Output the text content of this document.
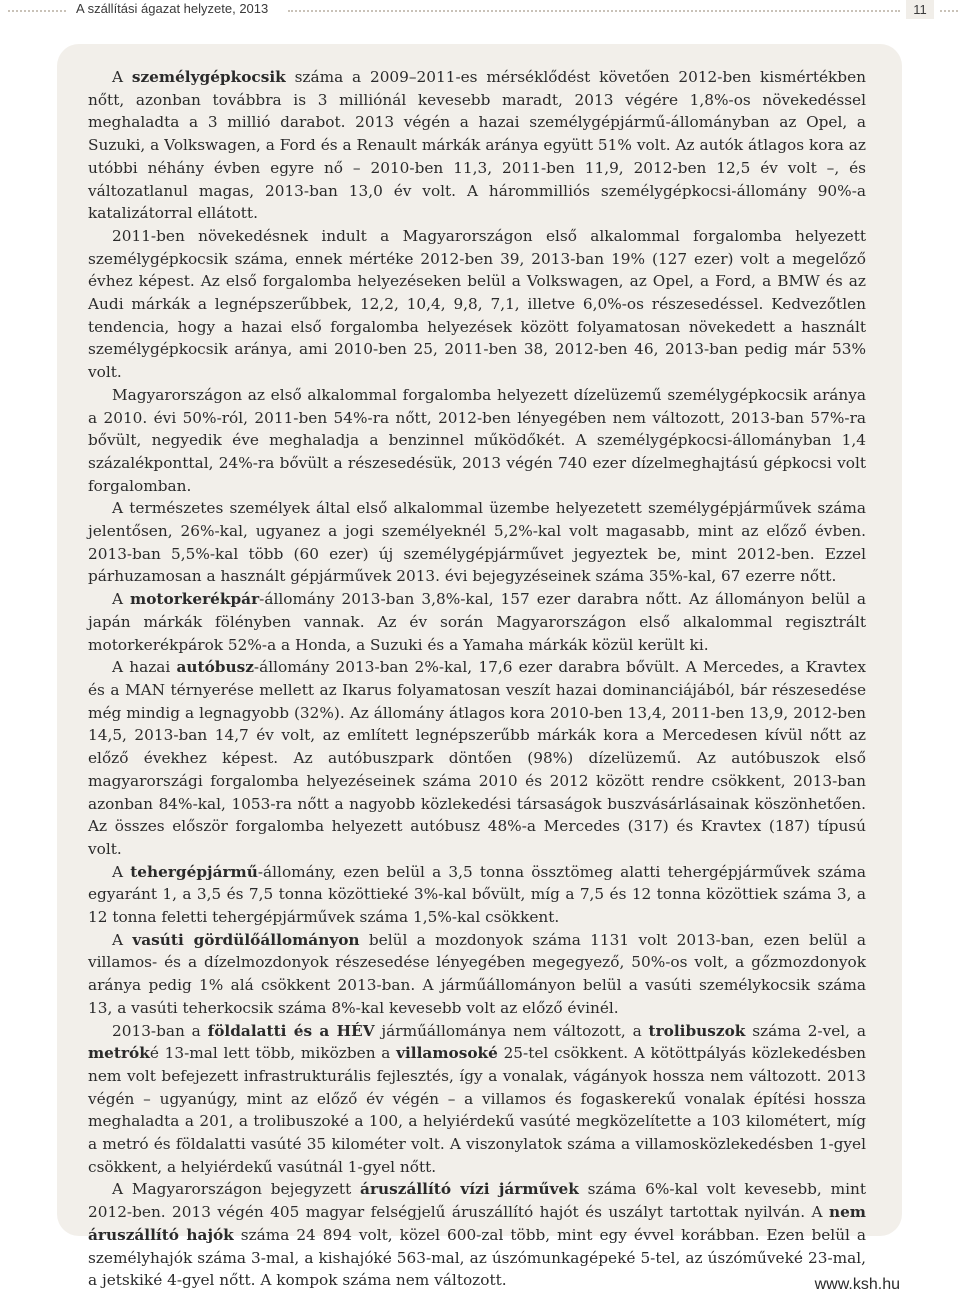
A szállítási ágazat helyzete, 2013	11

A személygépkocsik száma a 2009–2011-es mérséklődést követően 2012-ben kismértékben nőtt, azonban továbbra is 3 milliónál kevesebb maradt, 2013 végére 1,8%-os növekedéssel meghaladta a 3 millió darabot. 2013 végén a hazai személygépjármű-állományban az Opel, a Suzuki, a Volkswagen, a Ford és a Renault márkák aránya együtt 51% volt. Az autók átlagos kora az utóbbi néhány évben egyre nő – 2010-ben 11,3, 2011-ben 11,9, 2012-ben 12,5 év volt –, és változatlanul magas, 2013-ban 13,0 év volt. A hárommilliós személygépkocsi-állomány 90%-a katalizátorral ellátott.

2011-ben növekedésnek indult a Magyarországon első alkalommal forgalomba helyezett személygépkocsik száma, ennek mértéke 2012-ben 39, 2013-ban 19% (127 ezer) volt a megelőző évhez képest. Az első forgalomba helyezéseken belül a Volkswagen, az Opel, a Ford, a BMW és az Audi márkák a legnépszerűbbek, 12,2, 10,4, 9,8, 7,1, illetve 6,0%-os részesedéssel. Kedvezőtlen tendencia, hogy a hazai első forgalomba helyezések között folyamatosan növekedett a használt személygépkocsik aránya, ami 2010-ben 25, 2011-ben 38, 2012-ben 46, 2013-ban pedig már 53% volt.

Magyarországon az első alkalommal forgalomba helyezett dízelüzemű személygépkocsik aránya a 2010. évi 50%-ról, 2011-ben 54%-ra nőtt, 2012-ben lényegében nem változott, 2013-ban 57%-ra bővült, negyedik éve meghaladja a benzinnel működőkét. A személygépkocsi-állományban 1,4 százalékponttal, 24%-ra bővült a részesedésük, 2013 végén 740 ezer dízelmeghajtású gépkocsi volt forgalomban.

A természetes személyek által első alkalommal üzembe helyezetett személygépjárművek száma jelentősen, 26%-kal, ugyanez a jogi személyeknél 5,2%-kal volt magasabb, mint az előző évben. 2013-ban 5,5%-kal több (60 ezer) új személygépjárművet jegyeztek be, mint 2012-ben. Ezzel párhuzamosan a használt gépjárművek 2013. évi bejegyzéseinek száma 35%-kal, 67 ezerre nőtt.

A motorkerékpár-állomány 2013-ban 3,8%-kal, 157 ezer darabra nőtt. Az állományon belül a japán márkák fölényben vannak. Az év során Magyarországon első alkalommal regisztrált motorkerékpárok 52%-a a Honda, a Suzuki és a Yamaha márkák közül került ki.

A hazai autóbusz-állomány 2013-ban 2%-kal, 17,6 ezer darabra bővült. A Mercedes, a Kravtex és a MAN térnyerése mellett az Ikarus folyamatosan veszít hazai dominanciájából, bár részesedése még mindig a legnagyobb (32%). Az állomány átlagos kora 2010-ben 13,4, 2011-ben 13,9, 2012-ben 14,5, 2013-ban 14,7 év volt, az említett legnépszerűbb márkák kora a Mercedesen kívül nőtt az előző évekhez képest. Az autóbuszpark döntően (98%) dízelüzemű. Az autóbuszok első magyarországi forgalomba helyezéseinek száma 2010 és 2012 között rendre csökkent, 2013-ban azonban 84%-kal, 1053-ra nőtt a nagyobb közlekedési társaságok buszvásárlásainak köszönhetően. Az összes először forgalomba helyezett autóbusz 48%-a Mercedes (317) és Kravtex (187) típusú volt.

A tehergépjármű-állomány, ezen belül a 3,5 tonna össztömeg alatti tehergépjárművek száma egyaránt 1, a 3,5 és 7,5 tonna közöttieké 3%-kal bővült, míg a 7,5 és 12 tonna közöttiek száma 3, a 12 tonna feletti tehergépjárművek száma 1,5%-kal csökkent.

A vasúti gördülőállományon belül a mozdonyok száma 1131 volt 2013-ban, ezen belül a villamos- és a dízelmozdonyok részesedése lényegében megegyező, 50%-os volt, a gőzmozdonyok aránya pedig 1% alá csökkent 2013-ban. A járműállományon belül a vasúti személykocsik száma 13, a vasúti teherkocsik száma 8%-kal kevesebb volt az előző évinél.

2013-ban a földalatti és a HÉV járműállománya nem változott, a trolibuszok száma 2-vel, a metróké 13-mal lett több, miközben a villamosoké 25-tel csökkent. A kötöttpályás közlekedésben nem volt befejezett infrastrukturális fejlesztés, így a vonalak, vágányok hossza nem változott. 2013 végén – ugyanúgy, mint az előző év végén – a villamos és fogaskerekű vonalak építési hossza meghaladta a 201, a trolibuszoké a 100, a helyiérdekű vasúté megközelítette a 103 kilométert, míg a metró és földalatti vasúté 35 kilométer volt. A viszonylatok száma a villamosközlekedésben 1-gyel csökkent, a helyiérdekű vasútnál 1-gyel nőtt.

A Magyarországon bejegyzett áruszállító vízi járművek száma 6%-kal volt kevesebb, mint 2012-ben. 2013 végén 405 magyar felségjelű áruszállító hajót és uszályt tartottak nyilván. A nem áruszállító hajók száma 24 894 volt, közel 600-zal több, mint egy évvel korábban. Ezen belül a személyhajók száma 3-mal, a kishajóké 563-mal, az úszómunkagépeké 5-tel, az úszóműveké 23-mal, a jetskiké 4-gyel nőtt. A kompok száma nem változott.	www.ksh.hu
